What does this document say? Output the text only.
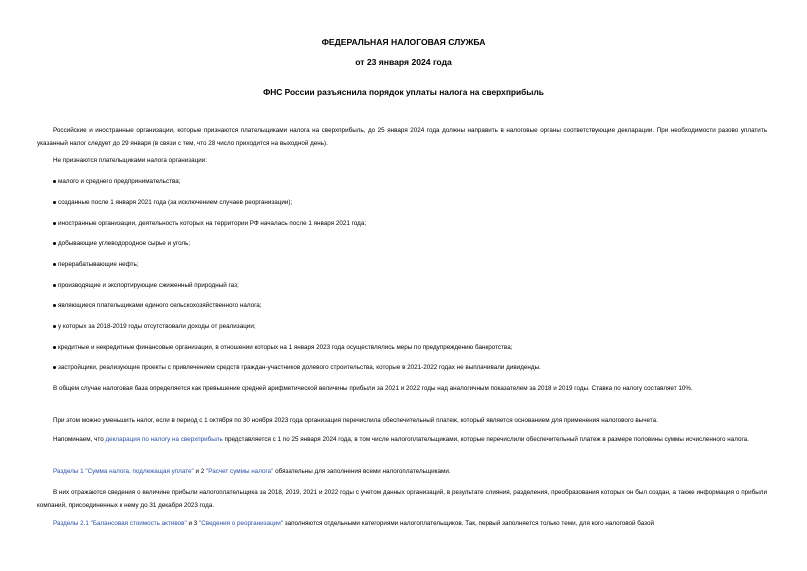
ФЕДЕРАЛЬНАЯ НАЛОГОВАЯ СЛУЖБА
от 23 января 2024 года
ФНС России разъяснила порядок уплаты налога на сверхприбыль
Российские и иностранные организации, которые признаются плательщиками налога на сверхприбыль, до 25 января 2024 года должны направить в налоговые органы соответствующие декларации. При необходимости разово уплатить указанный налог следует до 29 января (в связи с тем, что 28 число приходится на выходной день).
Не признаются плательщиками налога организации:
малого и среднего предпринимательства;
созданные после 1 января 2021 года (за исключением случаев реорганизации);
иностранные организации, деятельность которых на территории РФ началась после 1 января 2021 года;
добывающие углеводородное сырье и уголь;
перерабатывающие нефть;
производящие и экспортирующие сжиженный природный газ;
являющиеся плательщиками единого сельскохозяйственного налога;
у которых за 2018-2019 годы отсутствовали доходы от реализации;
кредитные и некредитные финансовые организации, в отношении которых на 1 января 2023 года осуществлялись меры по предупреждению банкротства;
застройщики, реализующие проекты с привлечением средств граждан-участников долевого строительства, которые в 2021-2022 годах не выплачивали дивиденды.
В общем случае налоговая база определяется как превышение средней арифметической величины прибыли за 2021 и 2022 годы над аналогичным показателем за 2018 и 2019 годы. Ставка по налогу составляет 10%.
При этом можно уменьшить налог, если в период с 1 октября по 30 ноября 2023 года организация перечислила обеспечительный платеж, который является основанием для применения налогового вычета.
Напоминаем, что декларация по налогу на сверхприбыль представляется с 1 по 25 января 2024 года, в том числе налогоплательщиками, которые перечислили обеспечительный платеж в размере половины суммы исчисленного налога.
Разделы 1 "Сумма налога, подлежащая уплате" и 2 "Расчет суммы налога" обязательны для заполнения всеми налогоплательщиками.
В них отражаются сведения о величине прибыли налогоплательщика за 2018, 2019, 2021 и 2022 годы с учетом данных организаций, в результате слияния, разделения, преобразования которых он был создан, а также информация о прибыли компаний, присоединенных к нему до 31 декабря 2023 года.
Разделы 2.1 "Балансовая стоимость активов" и 3 "Сведения о реорганизации" заполняются отдельными категориями налогоплательщиков. Так, первый заполняется только теми, для кого налоговой базой
